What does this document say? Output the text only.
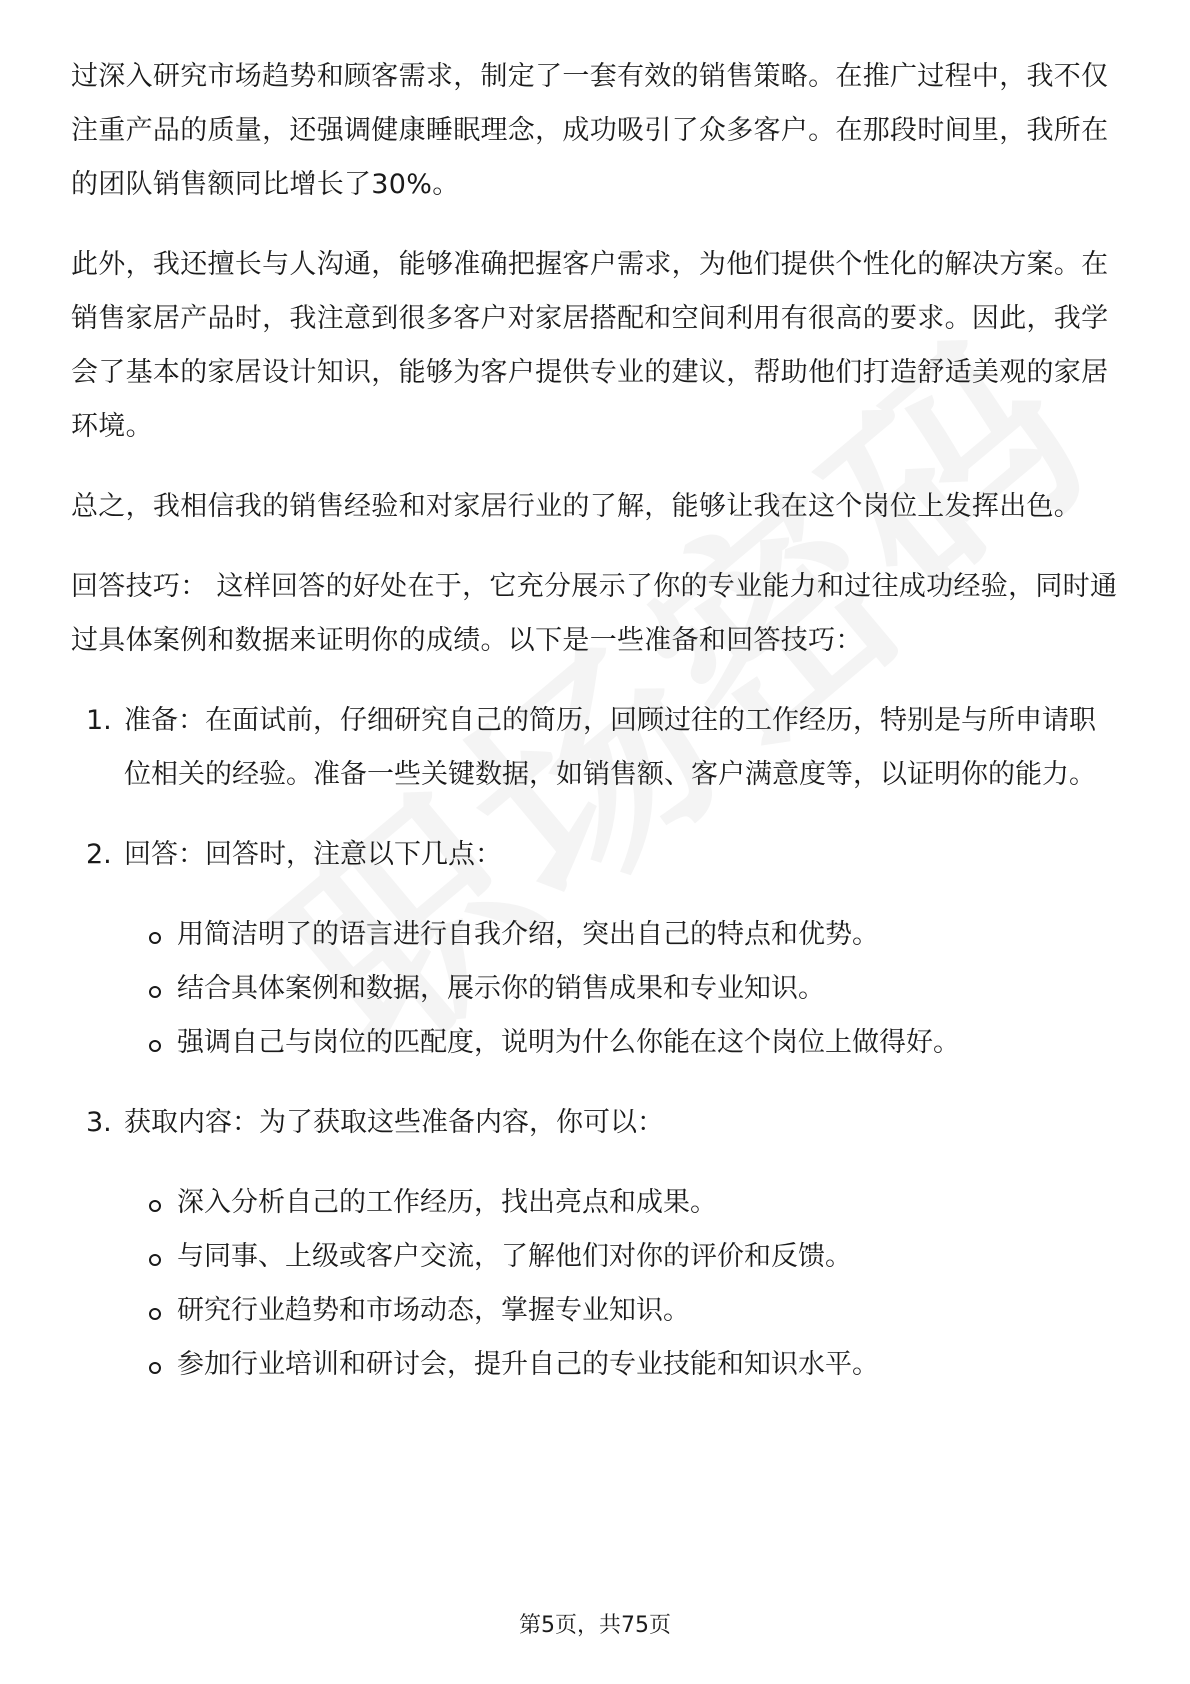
过深入研究市场趋势和顾客需求，制定了一套有效的销售策略。在推广过程中，我不仅注重产品的质量，还强调健康睡眠理念，成功吸引了众多客户。在那段时间里，我所在的团队销售额同比增长了30%。

此外，我还擅长与人沟通，能够准确把握客户需求，为他们提供个性化的解决方案。在销售家居产品时，我注意到很多客户对家居搭配和空间利用有很高的要求。因此，我学会了基本的家居设计知识，能够为客户提供专业的建议，帮助他们打造舒适美观的家居环境。

总之，我相信我的销售经验和对家居行业的了解，能够让我在这个岗位上发挥出色。

回答技巧： 这样回答的好处在于，它充分展示了你的专业能力和过往成功经验，同时通过具体案例和数据来证明你的成绩。以下是一些准备和回答技巧：

1. 准备：在面试前，仔细研究自己的简历，回顾过往的工作经历，特别是与所申请职位相关的经验。准备一些关键数据，如销售额、客户满意度等，以证明你的能力。
2. 回答：回答时，注意以下几点：
用简洁明了的语言进行自我介绍，突出自己的特点和优势。
结合具体案例和数据，展示你的销售成果和专业知识。
强调自己与岗位的匹配度，说明为什么你能在这个岗位上做得好。
3. 获取内容：为了获取这些准备内容，你可以：
深入分析自己的工作经历，找出亮点和成果。
与同事、上级或客户交流，了解他们对你的评价和反馈。
研究行业趋势和市场动态，掌握专业知识。
参加行业培训和研讨会，提升自己的专业技能和知识水平。
第5页，共75页
